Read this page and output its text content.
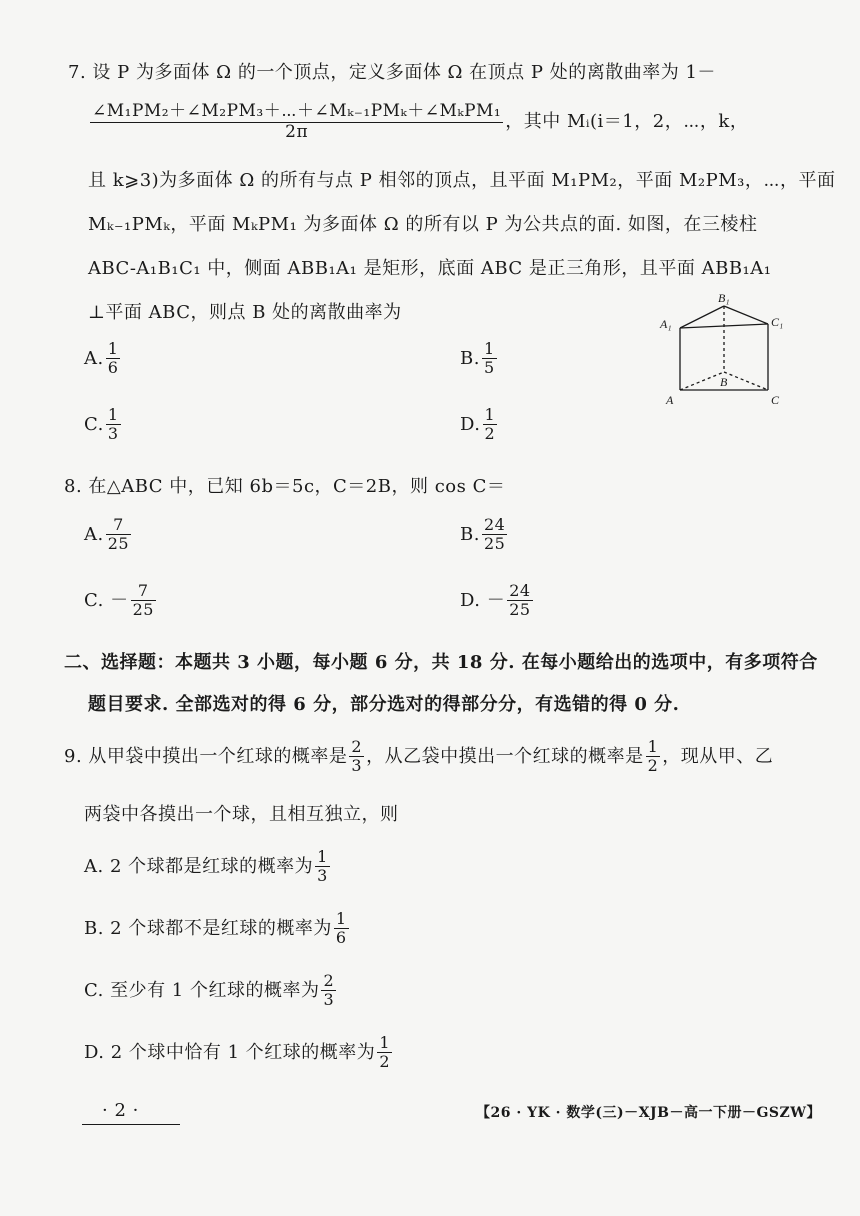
7. 设 P 为多面体 Ω 的一个顶点，定义多面体 Ω 在顶点 P 处的离散曲率为 1－
$\frac{\text{∠M₁PM₂＋∠M₂PM₃＋⋯＋∠Mₖ₋₁PMₖ＋∠MₖPM₁}}{2\pi}$ ，其中 Mᵢ(i＝1，2，⋯，k，
且 k⩾3)为多面体 Ω 的所有与点 P 相邻的顶点，且平面 M₁PM₂，平面 M₂PM₃，⋯，平面
Mₖ₋₁PMₖ，平面 MₖPM₁ 为多面体 Ω 的所有以 P 为公共点的面. 如图，在三棱柱
ABC-A₁B₁C₁ 中，侧面 ABB₁A₁ 是矩形，底面 ABC 是正三角形，且平面 ABB₁A₁
⊥平面 ABC，则点 B 处的离散曲率为
A. $\frac{1}{6}$	B. $\frac{1}{5}$
C. $\frac{1}{3}$	D. $\frac{1}{2}$
B₁
A₁	C₁
A
B
C
8. 在△ABC 中，已知 6b＝5c，C＝2B，则 cos C＝
A. $\frac{7}{25}$	B. $\frac{24}{25}$
C. － $\frac{7}{25}$	D. － $\frac{24}{25}$
二、选择题：本题共 3 小题，每小题 6 分，共 18 分. 在每小题给出的选项中，有多项符合
题目要求. 全部选对的得 6 分，部分选对的得部分分，有选错的得 0 分.
9. 从甲袋中摸出一个红球的概率是 $\frac{2}{3}$ ，从乙袋中摸出一个红球的概率是 $\frac{1}{2}$ ，现从甲、乙
两袋中各摸出一个球，且相互独立，则
A. 2 个球都是红球的概率为 $\frac{1}{3}$
B. 2 个球都不是红球的概率为 $\frac{1}{6}$
C. 至少有 1 个红球的概率为 $\frac{2}{3}$
D. 2 个球中恰有 1 个红球的概率为 $\frac{1}{2}$
· 2 ·	【26 · YK · 数学(三)－XJB－高一下册－GSZW】
